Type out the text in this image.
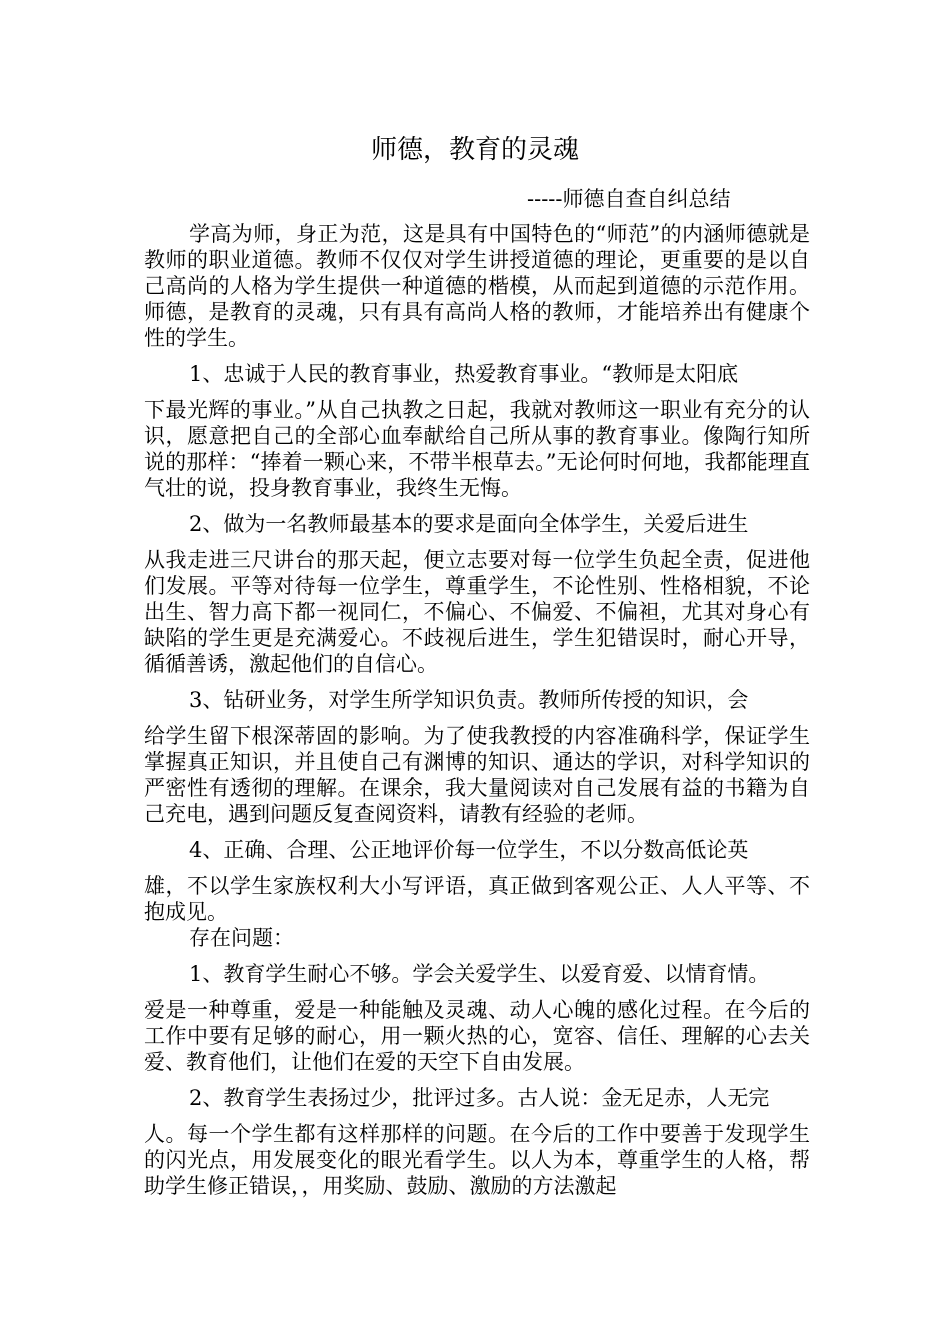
师德，教育的灵魂

-----师德自查自纠总结

学高为师，身正为范，这是具有中国特色的“师范”的内涵师德就是教师的职业道德。教师不仅仅对学生讲授道德的理论，更重要的是以自己高尚的人格为学生提供一种道德的楷模，从而起到道德的示范作用。师德，是教育的灵魂，只有具有高尚人格的教师，才能培养出有健康个性的学生。

1、忠诚于人民的教育事业，热爱教育事业。“教师是太阳底
下最光辉的事业。”从自己执教之日起，我就对教师这一职业有充分的认识，愿意把自己的全部心血奉献给自己所从事的教育事业。像陶行知所说的那样：“捧着一颗心来，不带半根草去。”无论何时何地，我都能理直气壮的说，投身教育事业，我终生无悔。

2、做为一名教师最基本的要求是面向全体学生，关爱后进生
从我走进三尺讲台的那天起，便立志要对每一位学生负起全责，促进他们发展。平等对待每一位学生，尊重学生，不论性别、性格相貌，不论出生、智力高下都一视同仁，不偏心、不偏爱、不偏袒，尤其对身心有缺陷的学生更是充满爱心。不歧视后进生，学生犯错误时，耐心开导，循循善诱，激起他们的自信心。

3、钻研业务，对学生所学知识负责。教师所传授的知识，会
给学生留下根深蒂固的影响。为了使我教授的内容准确科学，保证学生掌握真正知识，并且使自己有渊博的知识、通达的学识，对科学知识的严密性有透彻的理解。在课余，我大量阅读对自己发展有益的书籍为自己充电，遇到问题反复查阅资料，请教有经验的老师。

4、正确、合理、公正地评价每一位学生，不以分数高低论英
雄，不以学生家族权利大小写评语，真正做到客观公正、人人平等、不抱成见。

存在问题：

1、教育学生耐心不够。学会关爱学生、以爱育爱、以情育情。
爱是一种尊重，爱是一种能触及灵魂、动人心魄的感化过程。在今后的工作中要有足够的耐心，用一颗火热的心，宽容、信任、理解的心去关爱、教育他们，让他们在爱的天空下自由发展。

2、教育学生表扬过少，批评过多。古人说：金无足赤，人无完
人。每一个学生都有这样那样的问题。在今后的工作中要善于发现学生的闪光点，用发展变化的眼光看学生。以人为本，尊重学生的人格，帮助学生修正错误，，用奖励、鼓励、激励的方法激起
